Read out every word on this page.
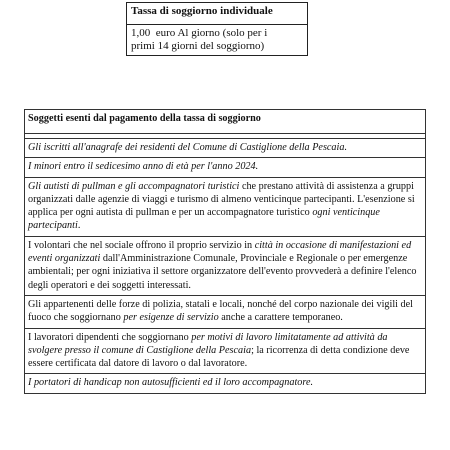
Tassa di soggiorno individuale

1,00  euro Al giorno (solo per i
primi 14 giorni del soggiorno)
Soggetti esenti dal pagamento della tassa di soggiorno

Gli iscritti all'anagrafe dei residenti del Comune di Castiglione della Pescaia.
I minori entro il sedicesimo anno di età per l'anno 2024.
Gli autisti di pullman e gli accompagnatori turistici che prestano attività di assistenza a gruppi organizzati dalle agenzie di viaggi e turismo di almeno venticinque partecipanti. L'esenzione si applica per ogni autista di pullman e per un accompagnatore turistico ogni venticinque partecipanti.
I volontari che nel sociale offrono il proprio servizio in città in occasione di manifestazioni ed eventi organizzati dall'Amministrazione Comunale, Provinciale e Regionale o per emergenze ambientali; per ogni iniziativa il settore organizzatore dell'evento provvederà a definire l'elenco degli operatori e dei soggetti interessati.
Gli appartenenti delle forze di polizia, statali e locali, nonché del corpo nazionale dei vigili del fuoco che soggiornano per esigenze di servizio anche a carattere temporaneo.
I lavoratori dipendenti che soggiornano per motivi di lavoro limitatamente ad attività da svolgere presso il comune di Castiglione della Pescaia; la ricorrenza di detta condizione deve essere certificata dal datore di lavoro o dal lavoratore.
I portatori di handicap non autosufficienti ed il loro accompagnatore.
